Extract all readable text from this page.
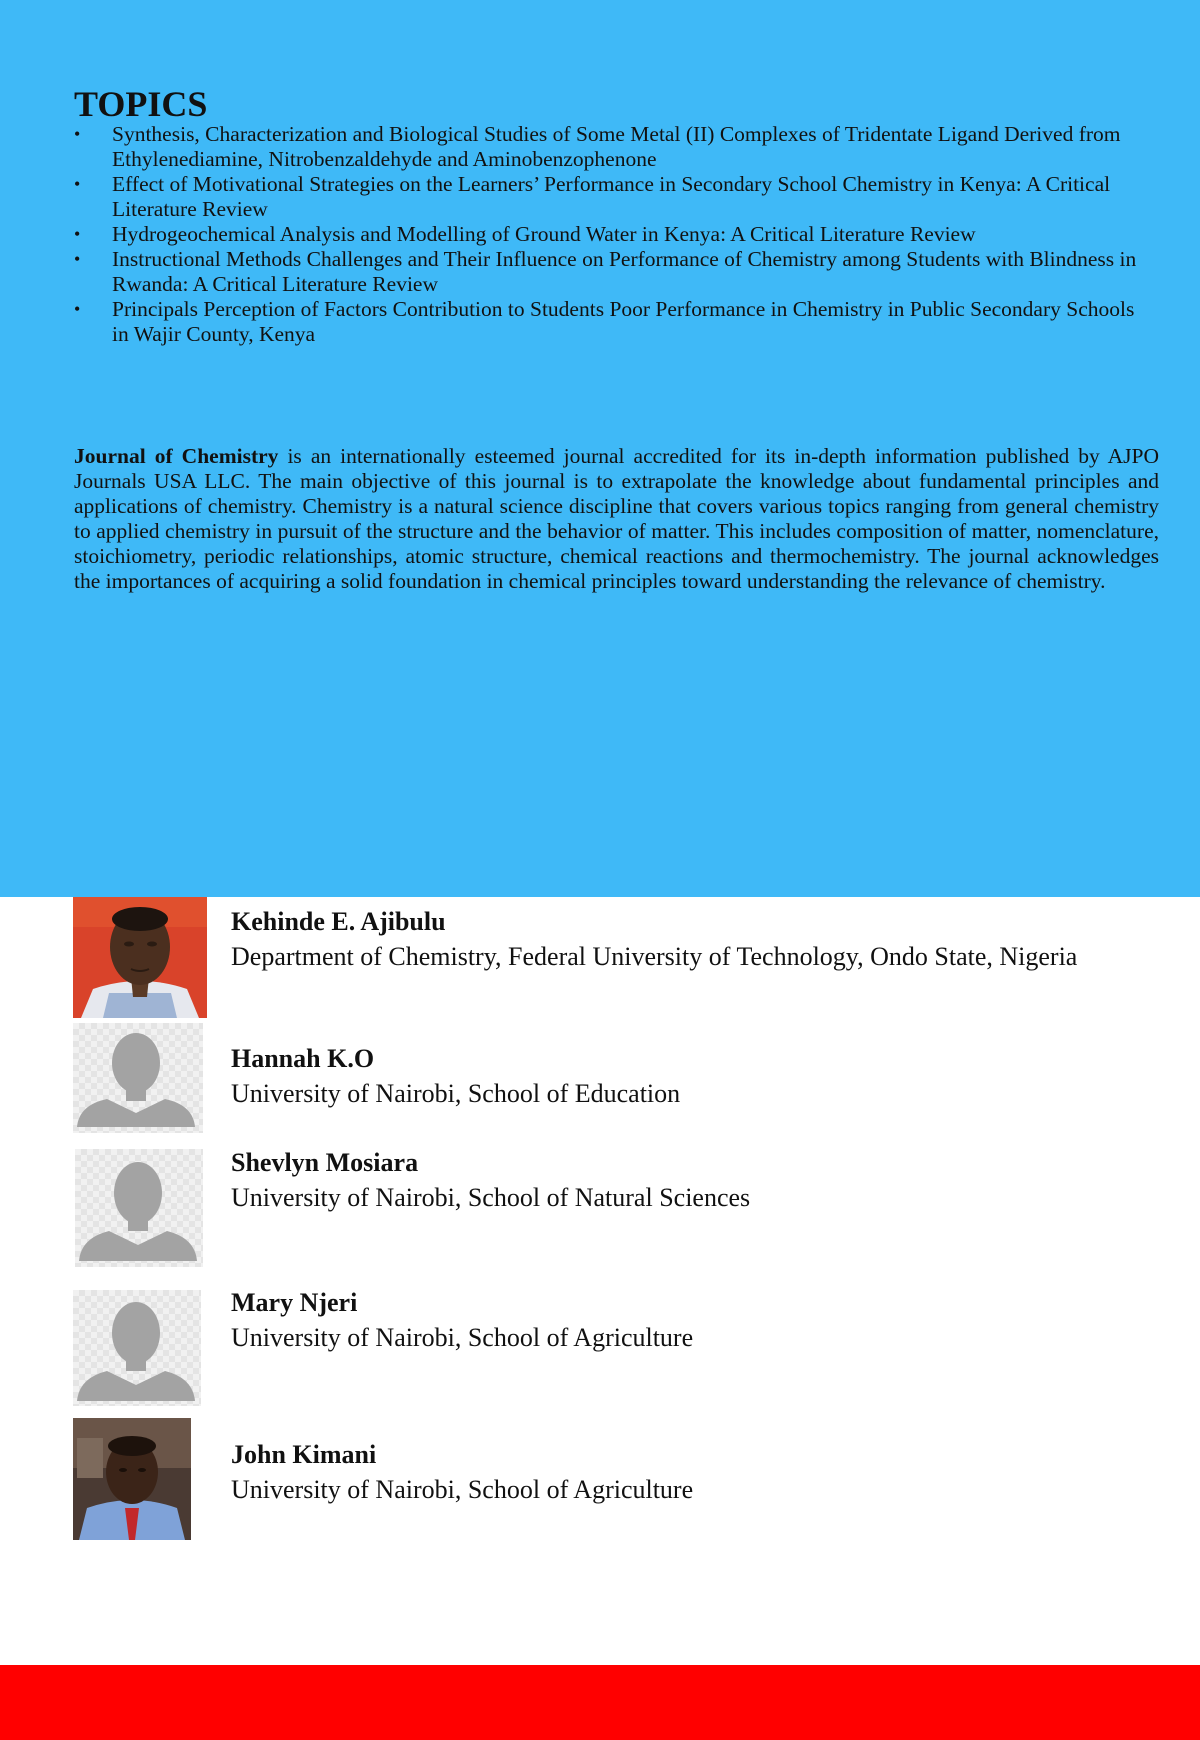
TOPICS
•	Synthesis, Characterization and Biological Studies of Some Metal (II) Complexes of Tridentate Ligand Derived from Ethylenediamine, Nitrobenzaldehyde and Aminobenzophenone
•	Effect of Motivational Strategies on the Learners’ Performance in Secondary School Chemistry in Kenya: A Critical Literature Review
•	Hydrogeochemical Analysis and Modelling of Ground Water in Kenya: A Critical Literature Review
•	Instructional Methods Challenges and Their Influence on Performance of Chemistry among Students with Blindness in Rwanda: A Critical Literature Review
•	Principals Perception of Factors Contribution to Students Poor Performance in Chemistry in Public Secondary Schools in Wajir County, Kenya

Journal of Chemistry is an internationally esteemed journal accredited for its in-depth information published by AJPO Journals USA LLC. The main objective of this journal is to extrapolate the knowledge about fundamental principles and applications of chemistry. Chemistry is a natural science discipline that covers various topics ranging from general chemistry to applied chemistry in pursuit of the structure and the behavior of matter. This includes composition of matter, nomenclature, stoichiometry, periodic relationships, atomic structure, chemical reactions and thermochemistry. The journal acknowledges the importances of acquiring a solid foundation in chemical principles toward understanding the relevance of chemistry.

Kehinde E. Ajibulu

Department of Chemistry, Federal University of Technology, Ondo State, Nigeria

Hannah K.O

University of Nairobi, School of Education

Shevlyn Mosiara

University of Nairobi, School of Natural Sciences

Mary Njeri

University of Nairobi, School of Agriculture

John Kimani

University of Nairobi, School of Agriculture
